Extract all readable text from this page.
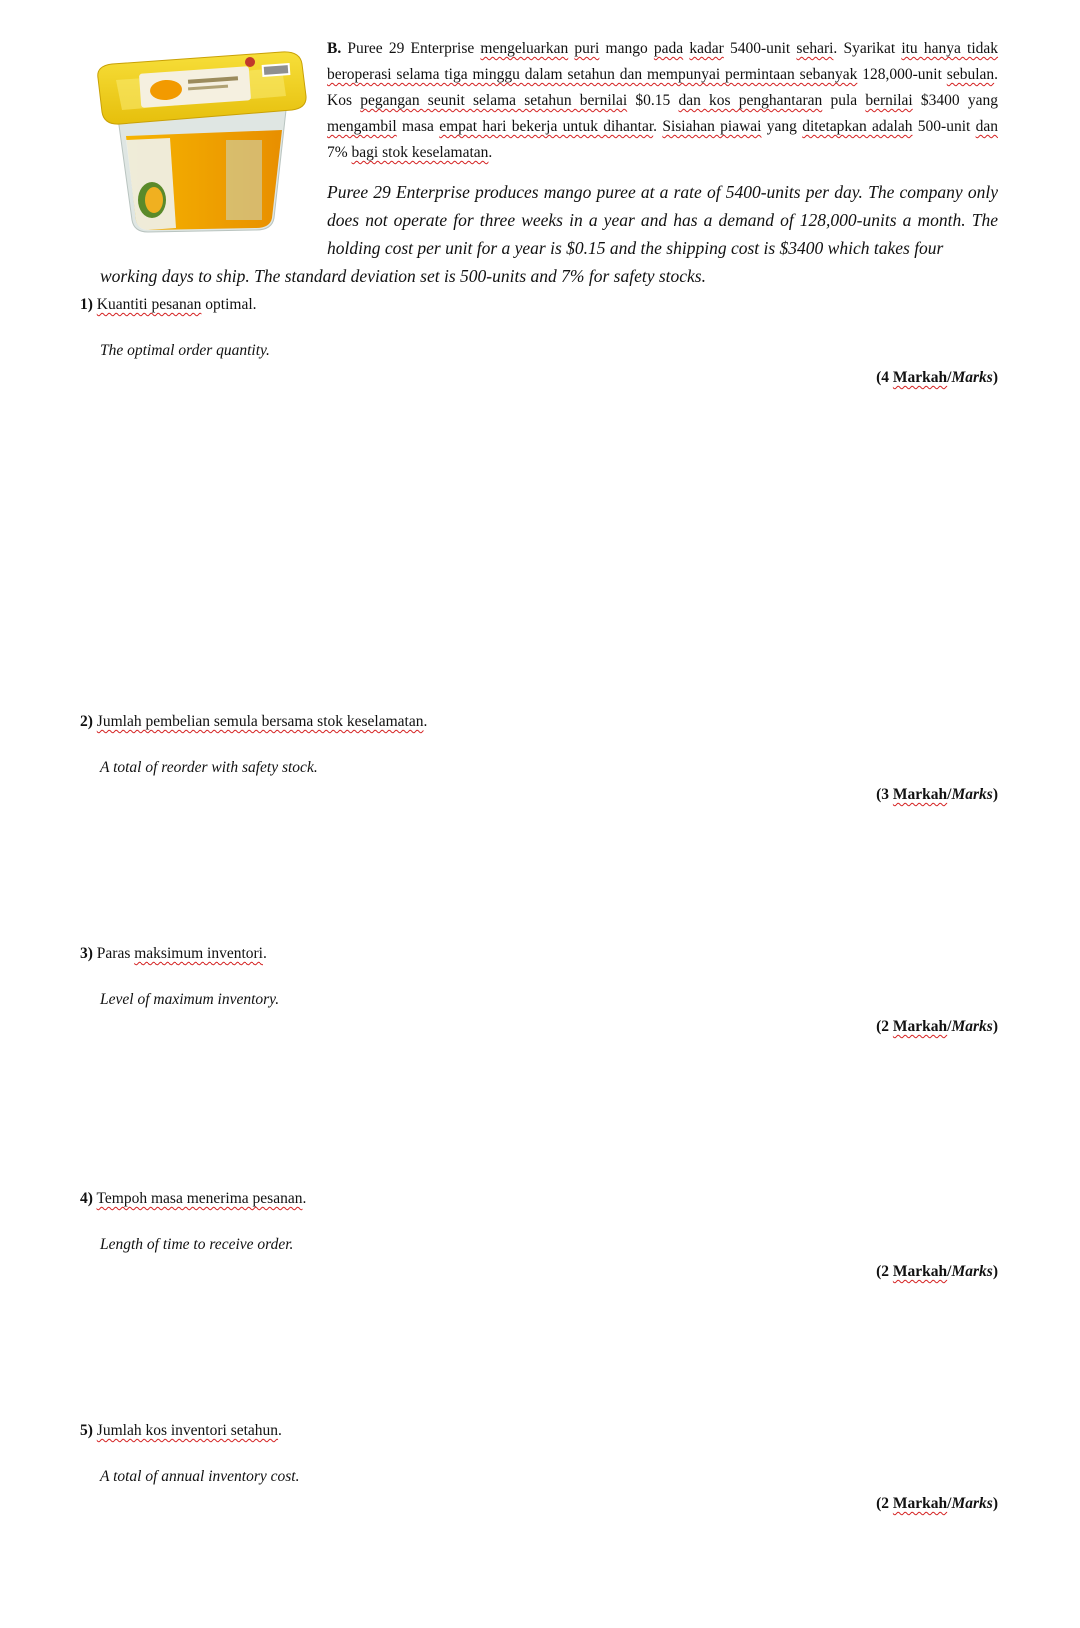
B. Puree 29 Enterprise mengeluarkan puri mango pada kadar 5400-unit sehari. Syarikat itu hanya tidak beroperasi selama tiga minggu dalam setahun dan mempunyai permintaan sebanyak 128,000-unit sebulan. Kos pegangan seunit selama setahun bernilai $0.15 dan kos penghantaran pula bernilai $3400 yang mengambil masa empat hari bekerja untuk dihantar. Sisiahan piawai yang ditetapkan adalah 500-unit dan 7% bagi stok keselamatan.
Puree 29 Enterprise produces mango puree at a rate of 5400-units per day. The company only does not operate for three weeks in a year and has a demand of 128,000-units a month. The holding cost per unit for a year is $0.15 and the shipping cost is $3400 which takes four
working days to ship. The standard deviation set is 500-units and 7% for safety stocks.
1) Kuantiti pesanan optimal.
The optimal order quantity.
(4 Markah/Marks)
2) Jumlah pembelian semula bersama stok keselamatan.
A total of reorder with safety stock.
(3 Markah/Marks)
3) Paras maksimum inventori.
Level of maximum inventory.
(2 Markah/Marks)
4) Tempoh masa menerima pesanan.
Length of time to receive order.
(2 Markah/Marks)
5) Jumlah kos inventori setahun.
A total of annual inventory cost.
(2 Markah/Marks)
